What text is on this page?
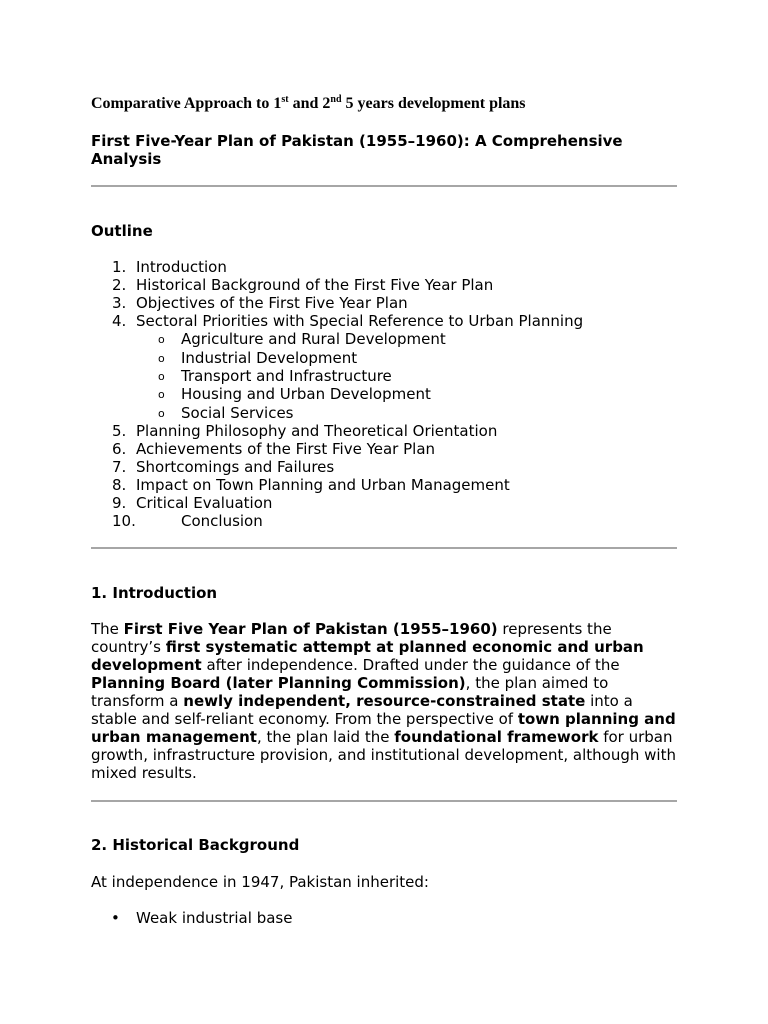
Comparative Approach to 1st and 2nd 5 years development plans
First Five-Year Plan of Pakistan (1955–1960): A Comprehensive Analysis
Outline
1. Introduction
2. Historical Background of the First Five Year Plan
3. Objectives of the First Five Year Plan
4. Sectoral Priorities with Special Reference to Urban Planning
o Agriculture and Rural Development
o Industrial Development
o Transport and Infrastructure
o Housing and Urban Development
o Social Services
5. Planning Philosophy and Theoretical Orientation
6. Achievements of the First Five Year Plan
7. Shortcomings and Failures
8. Impact on Town Planning and Urban Management
9. Critical Evaluation
10.	Conclusion
1. Introduction
The First Five Year Plan of Pakistan (1955–1960) represents the country’s first systematic attempt at planned economic and urban development after independence. Drafted under the guidance of the Planning Board (later Planning Commission), the plan aimed to transform a newly independent, resource-constrained state into a stable and self-reliant economy. From the perspective of town planning and urban management, the plan laid the foundational framework for urban growth, infrastructure provision, and institutional development, although with mixed results.
2. Historical Background
At independence in 1947, Pakistan inherited:
• Weak industrial base
